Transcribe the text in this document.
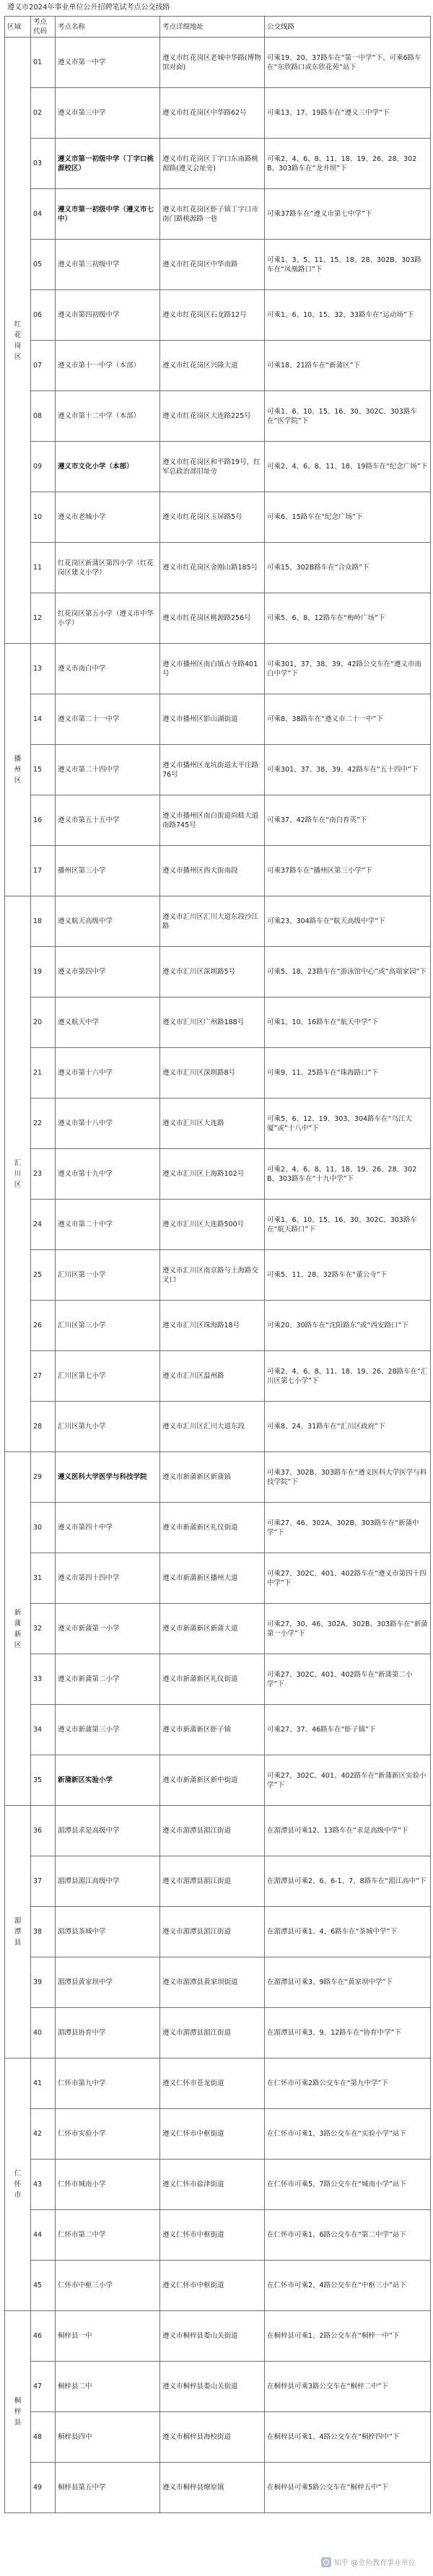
遵义市2024年事业单位公开招聘笔试考点公交线路
区域	考点代码	考点名称	考点详细地址	公交线路
红花岗区	01	遵义市第一中学	遵义市红花岗区老城中华路(博物馆对面)	可乘19、20、37路车在“第一中学”下、可乘6路车在“东欣路口或东欣花苑”站下
	02	遵义市第三中学	遵义市红花岗区中华路62号	可乘13、17、19路车在“遵义三中学”下
	03	遵义市第一初级中学（丁字口桃源校区）	遵义市红花岗区丁字口东南路桃源路(遵义会址旁)	可乘2、4、6、8、11、18、19、26、28、302B、303路车在“龙井坝”下
	04	遵义市第一初级中学（遵义市七中）	遵义市红花岗区虾子镇丁字口市南门路桃源路一巷	可乘37路车在“遵义市第七中学”下
	05	遵义市第三初级中学	遵义市红花岗区中华南路	可乘1、3、5、11、15、18、28、302B、303路车在“凤凰路口”下
	06	遵义市第四初级中学	遵义市红花岗区石龙路12号	可乘1、6、10、15、32、33路车在“运动场”下
	07	遵义市第十一中学（本部）	遵义市红花岗区兴隆大道	可乘18、21路车在“新蒲区”下
	08	遵义市第十二中学（本部）	遵义市红花岗区大连路225号	可乘1、6、10、15、16、30、302C、303路车在“医学院”下
	09	遵义市文化小学（本部）	遵义市红花岗区和平路19号，红军总政治部旧址旁	可乘2、4、6、8、11、18、19路车在“纪念广场”下
	10	遵义市老城小学	遵义市红花岗区玉屏路5号	可乘6、15路车在“纪念广场”下
	11	红花岗区新蒲区第四小学（红花岗区建文小学）	遵义市红花岗区金刚山路185号	可乘15、302B路车在“合众路”下
	12	红花岗区第五小学（遵义市中华小学）	遵义市红花岗区桃源路256号	可乘5、6、8、12路车在“梅岭广场”下
播州区	13	遵义市南白中学	遵义市播州区南白镇古寺路401号	可乘301、37、38、39、42路公交车在“遵义市南白中学”下
	14	遵义市第二十一中学	遵义市播州区影山湖街道	可乘8、38路车在“遵义市二十一中”下
	15	遵义市第二十四中学	遵义市播州区龙坑街道太平庄路76号	可乘301、37、38、39、42路车在“五十四中”下
	16	遵义市第五十五中学	遵义市播州区南白街道尚嵇大道南路745号	可乘37、42路车在“南白育英”下
	17	播州区第三小学	遵义市播州区西大街南段	可乘37路车在“播州区第三小学”下
汇川区	18	遵义航天高级中学	遵义市汇川区汇川大道东段沙江路	可乘23、304路车在“航天高级中学”下
	19	遵义市第四中学	遵义市汇川区深圳路5号	可乘5、18、23路车在“游泳馆中心”或“高端家园”下
	20	遵义航天中学	遵义市汇川区广州路188号	可乘1、10、16路车在“航天中学”下
	21	遵义市第十六中学	遵义市汇川区深圳路8号	可乘9、11、25路车在“珠海路口”下
	22	遵义市第十八中学	遵义市汇川区大连路	可乘5、6、12、19、303、304路车在“乌江大厦”或“十八中”下
	23	遵义市第十九中学	遵义市汇川区上海路102号	可乘2、4、6、8、11、18、19、26、28、302B、303路车在“十九中学”下
	24	遵义市第二十中学	遵义市汇川区大连路500号	可乘1、6、10、15、16、30、302C、303路车在“航天路口”下
	25	汇川区第一小学	遵义市汇川区南京路与上海路交叉口	可乘5、11、28、32路车在“董公寺”下
	26	汇川区第三小学	遵义市汇川区珠海路18号	可乘20、30路车在“沈阳路东”或“西安路口”下
	27	汇川区第七小学	遵义市汇川区温州路	可乘2、4、6、8、11、18、19、26、28路车在“汇川区第七小学”下
	28	汇川区第九小学	遵义市汇川区汇川大道东段	可乘8、24、31路车在“汇川区政府”下
新蒲新区	29	遵义医科大学医学与科技学院	遵义市新蒲新区新蒲镇	可乘37、302B、303路车在“遵义医科大学医学与科技学院”下
	30	遵义市第四十中学	遵义市新蒲新区礼仪街道	可乘27、46、302A、302B、303路车在“新蒲中学”下
	31	遵义市第四十四中学	遵义市新蒲新区播州大道	可乘27、302C、401、402路车在“遵义市第四十四中学”下
	32	遵义市新蒲第一小学	遵义市新蒲新区新蒲大道	可乘27、30、46、302A、302B、303路车在“新蒲第一小学”下
	33	遵义市新蒲第二小学	遵义市新蒲新区礼仪街道	可乘27、302C、401、402路车在“新蒲第二小学”下
	34	遵义市新蒲第三小学	遵义市新蒲新区虾子镇	可乘27、37、46路车在“虾子镇”下
	35	新蒲新区实验小学	遵义市新蒲新区新中街道	可乘27、302C、401、402路车在“新蒲新区实验小学”下
湄潭县	36	湄潭县求是高级中学	遵义市湄潭县湄江街道	在湄潭县可乘12、13路车在“求是高级中学”下
	37	湄潭县湄江高级中学	遵义市湄潭县湄江街道	在湄潭县可乘2、6、6-1、7、8路车在“湄江高中”下
	38	湄潭县茶城中学	遵义市湄潭县湄江街道	在湄潭县可乘1、4、6路车在“茶城中学”下
	39	湄潭县黄家坝中学	遵义市湄潭县黄家坝街道	在湄潭县可乘3、9路车在“黄家坝中学”下
	40	湄潭县协育中学	遵义市湄潭县湄江街道	在湄潭县可乘3、9、12路车在“协育中学”下
仁怀市	41	仁怀市第九中学	遵义仁怀市苍龙街道	在仁怀市可乘2路公交车在“第九中学”下
	42	仁怀市实验小学	遵义仁怀市中枢街道	在仁怀市可乘1、3路公交车在“实验小学”站下
	43	仁怀市城南小学	遵义仁怀市盐津街道	在仁怀市可乘5、7路公交车在“城南小学”站下
	44	仁怀市第二中学	遵义仁怀市中枢街道	在仁怀市可乘1、6路公交车在“第二中学”站下
	45	仁怀市中枢三小学	遵义仁怀市中枢街道	在仁怀市可乘2、4路公交车在“中枢三小”站下
桐梓县	46	桐梓县一中	遵义市桐梓县娄山关街道	在桐梓县可乘1、2路公交车在“桐梓一中”下
	47	桐梓县二中	遵义市桐梓县娄山关街道	在桐梓县可乘3路公交车在“桐梓二中”下
	48	桐梓县四中	遵义市桐梓县海校街道	在桐梓县可乘1、4路公交车在“桐梓四中”下
	49	桐梓县第五中学	遵义市桐梓县燎原镇	在桐梓县可乘5路公交车在“桐梓五中”下
知乎 @金鱼教育事业单位
